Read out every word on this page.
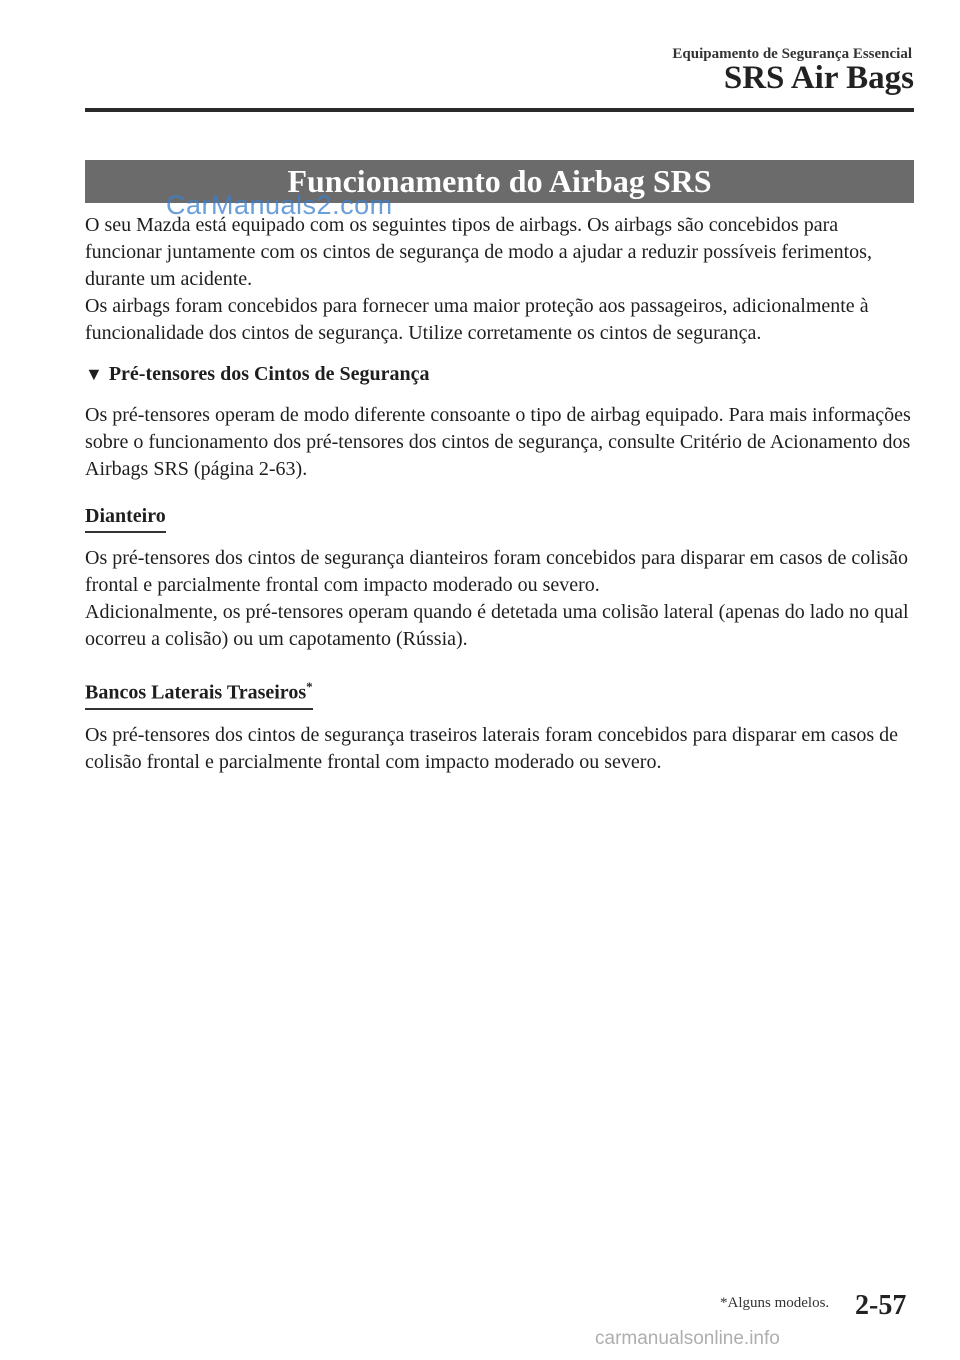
Equipamento de Segurança Essencial
SRS Air Bags
Funcionamento do Airbag SRS
CarManuals2.com

O seu Mazda está equipado com os seguintes tipos de airbags. Os airbags são concebidos para funcionar juntamente com os cintos de segurança de modo a ajudar a reduzir possíveis ferimentos, durante um acidente.

Os airbags foram concebidos para fornecer uma maior proteção aos passageiros, adicionalmente à funcionalidade dos cintos de segurança. Utilize corretamente os cintos de segurança.

▼ Pré-tensores dos Cintos de Segurança

Os pré-tensores operam de modo diferente consoante o tipo de airbag equipado. Para mais informações sobre o funcionamento dos pré-tensores dos cintos de segurança, consulte Critério de Acionamento dos Airbags SRS (página 2-63).

Dianteiro

Os pré-tensores dos cintos de segurança dianteiros foram concebidos para disparar em casos de colisão frontal e parcialmente frontal com impacto moderado ou severo.

Adicionalmente, os pré-tensores operam quando é detetada uma colisão lateral (apenas do lado no qual ocorreu a colisão) ou um capotamento (Rússia).

Bancos Laterais Traseiros*

Os pré-tensores dos cintos de segurança traseiros laterais foram concebidos para disparar em casos de colisão frontal e parcialmente frontal com impacto moderado ou severo.

*Alguns modelos. 2-57
carmanualsonline.info
